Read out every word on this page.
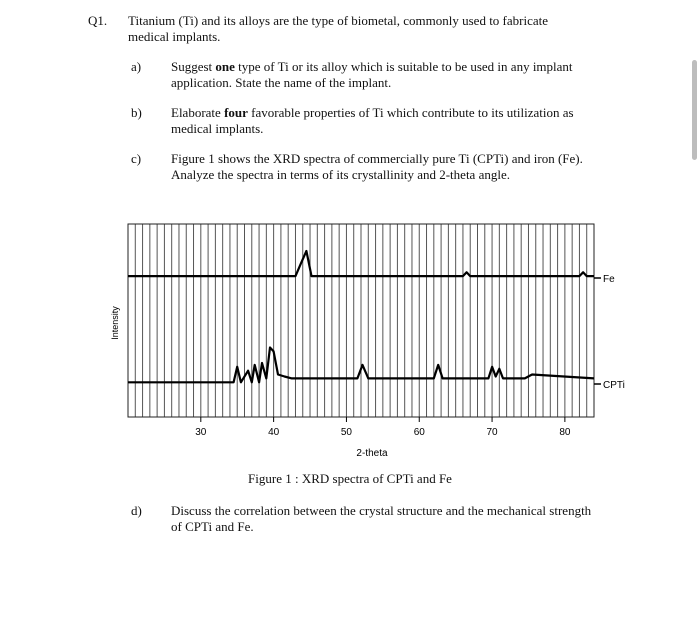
Q1. Titanium (Ti) and its alloys are the type of biometal, commonly used to fabricate
medical implants.
a) Suggest one type of Ti or its alloy which is suitable to be used in any implant
application. State the name of the implant.
b) Elaborate four favorable properties of Ti which contribute to its utilization as
medical implants.
c) Figure 1 shows the XRD spectra of commercially pure Ti (CPTi) and iron (Fe).
Analyze the spectra in terms of its crystallinity and 2-theta angle.
30	40	50	60	70	80
Fe
CPTi
Intensity
2-theta
Figure 1 : XRD spectra of CPTi and Fe
d) Discuss the correlation between the crystal structure and the mechanical strength
of CPTi and Fe.
